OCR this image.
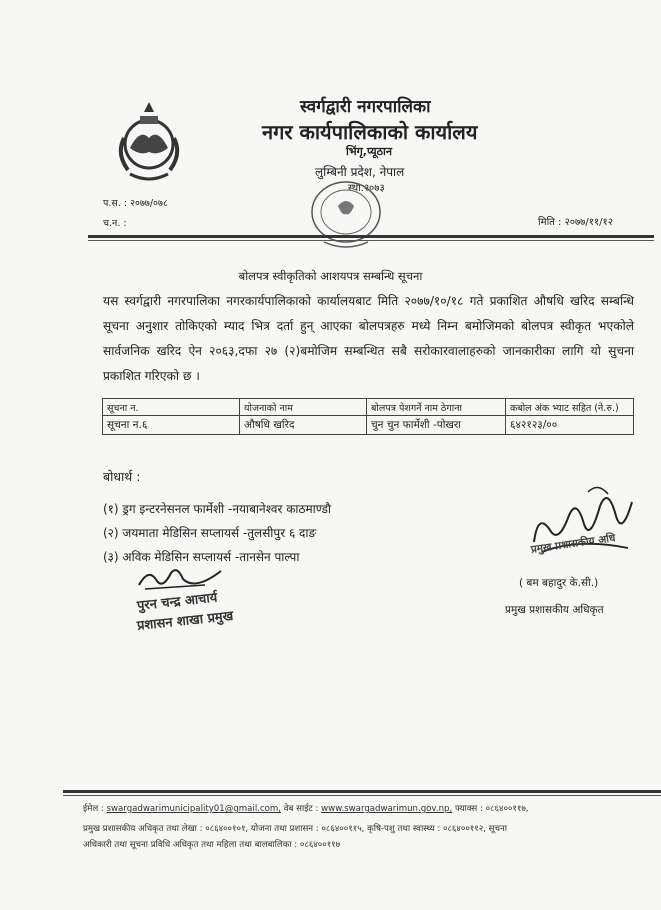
स्वर्गद्वारी नगरपालिका
नगर कार्यपालिकाको कार्यालय
भिंगृ,प्यूठान
लुम्बिनी प्रदेश, नेपाल
स्था.२०७३
प.स. : २०७७/०७८
च.न. :	मिति : २०७७/११/१२
बोलपत्र स्वीकृतिको आशयपत्र सम्बन्धि सूचना
यस स्वर्गद्वारी नगरपालिका नगरकार्यपालिकाको कार्यालयबाट मिति २०७७/१०/१८ गते प्रकाशित औषधि खरिद सम्बन्धि सूचना अनुशार तोकिएको म्याद भित्र दर्ता हुन् आएका बोलपत्रहरु मध्ये निम्न बमोजिमको बोलपत्र स्वीकृत भएकोले सार्वजनिक खरिद ऐन २०६३,दफा २७ (२)बमोजिम सम्बन्धित सबै सरोकारवालाहरुको जानकारीका लागि यो सुचना प्रकाशित गरिएको छ ।
सूचना न.	योजनाको नाम	बोलपत्र पेशगर्ने नाम ठेगाना	कबोल अंक भ्याट सहित (ने.रु.)
सूचना न.६	औषधि खरिद	चुन चुन फार्मेशी -पोखरा	६४२१२३/००
बोधार्थ :
(१) ड्रग इन्टरनेसनल फार्मेशी -नयाबानेश्वर काठमाण्डौ
(२) जयमाता मेडिसिन सप्लायर्स -तुलसीपुर ६ दाङ
(३) अविक मेडिसिन सप्लायर्स -तानसेन पाल्पा
पुरन चन्द्र आचार्य
प्रशासन शाखा प्रमुख
प्रमुख प्रशासकीय अधि
( बम बहादुर के.सी.)
प्रमुख प्रशासकीय अधिकृत
ईमेल : swargadwarimunicipality01@gmail.com, वेब साईट : www.swargadwarimun.gov.np, फ्याक्स : ०८६४००११७,
प्रमुख प्रशासकीय अधिकृत तथा लेखा : ०८६४००१०१, योजना तथा प्रशासन : ०८६४००११५, कृषि-पशु तथा स्वास्थ्य : ०८६४००११२, सूचना
अधिकारी तथा सूचना प्रविधि अधिकृत तथा महिला तथा बालबालिका : ०८६४००११७
